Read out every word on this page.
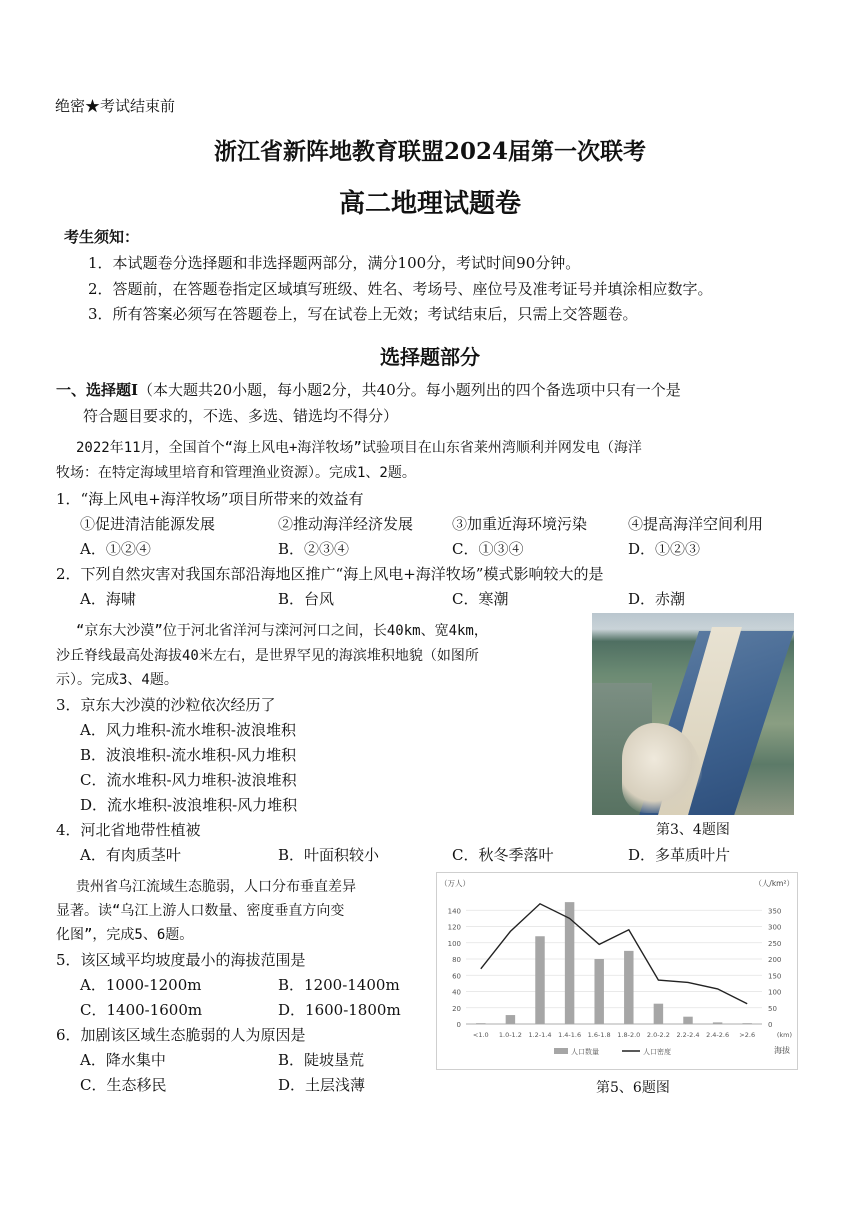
绝密★考试结束前
浙江省新阵地教育联盟2024届第一次联考
高二地理试题卷
考生须知：
1．本试题卷分选择题和非选择题两部分，满分100分，考试时间90分钟。
2．答题前，在答题卷指定区域填写班级、姓名、考场号、座位号及准考证号并填涂相应数字。
3．所有答案必须写在答题卷上，写在试卷上无效；考试结束后，只需上交答题卷。
选择题部分
一、选择题Ⅰ（本大题共20小题，每小题2分，共40分。每小题列出的四个备选项中只有一个是
符合题目要求的，不选、多选、错选均不得分）
2022年11月，全国首个“海上风电+海洋牧场”试验项目在山东省莱州湾顺利并网发电（海洋
牧场：在特定海域里培育和管理渔业资源）。完成1、2题。
1．“海上风电+海洋牧场”项目所带来的效益有
①促进清洁能源发展	②推动海洋经济发展	③加重近海环境污染	④提高海洋空间利用
A．①②④	B．②③④	C．①③④	D．①②③
2．下列自然灾害对我国东部沿海地区推广“海上风电+海洋牧场”模式影响较大的是
A．海啸	B．台风	C．寒潮	D．赤潮
“京东大沙漠”位于河北省洋河与滦河河口之间，长40km、宽4km，
沙丘脊线最高处海拔40米左右，是世界罕见的海滨堆积地貌（如图所
示）。完成3、4题。
第3、4题图
3．京东大沙漠的沙粒依次经历了
A．风力堆积-流水堆积-波浪堆积
B．波浪堆积-流水堆积-风力堆积
C．流水堆积-风力堆积-波浪堆积
D．流水堆积-波浪堆积-风力堆积
4．河北省地带性植被
A．有肉质茎叶	B．叶面积较小	C．秋冬季落叶	D．多革质叶片
贵州省乌江流域生态脆弱，人口分布垂直差异
显著。读“乌江上游人口数量、密度垂直方向变
化图”，完成5、6题。
5．该区域平均坡度最小的海拔范围是
A．1000-1200m	B．1200-1400m
C．1400-1600m	D．1600-1800m
6．加剧该区域生态脆弱的人为原因是
A．降水集中	B．陡坡垦荒
C．生态移民	D．土层浅薄
0
20
40
60
80
100
120
140
0
50
100
150
200
250
300
350
（万人）	（人/km²）
<1.0 1.0-1.2 1.2-1.4 1.4-1.6 1.6-1.8 1.8-2.0 2.0-2.2 2.2-2.4 2.4-2.6 >2.6	(km)
海拔
人口数量	人口密度
第5、6题图
